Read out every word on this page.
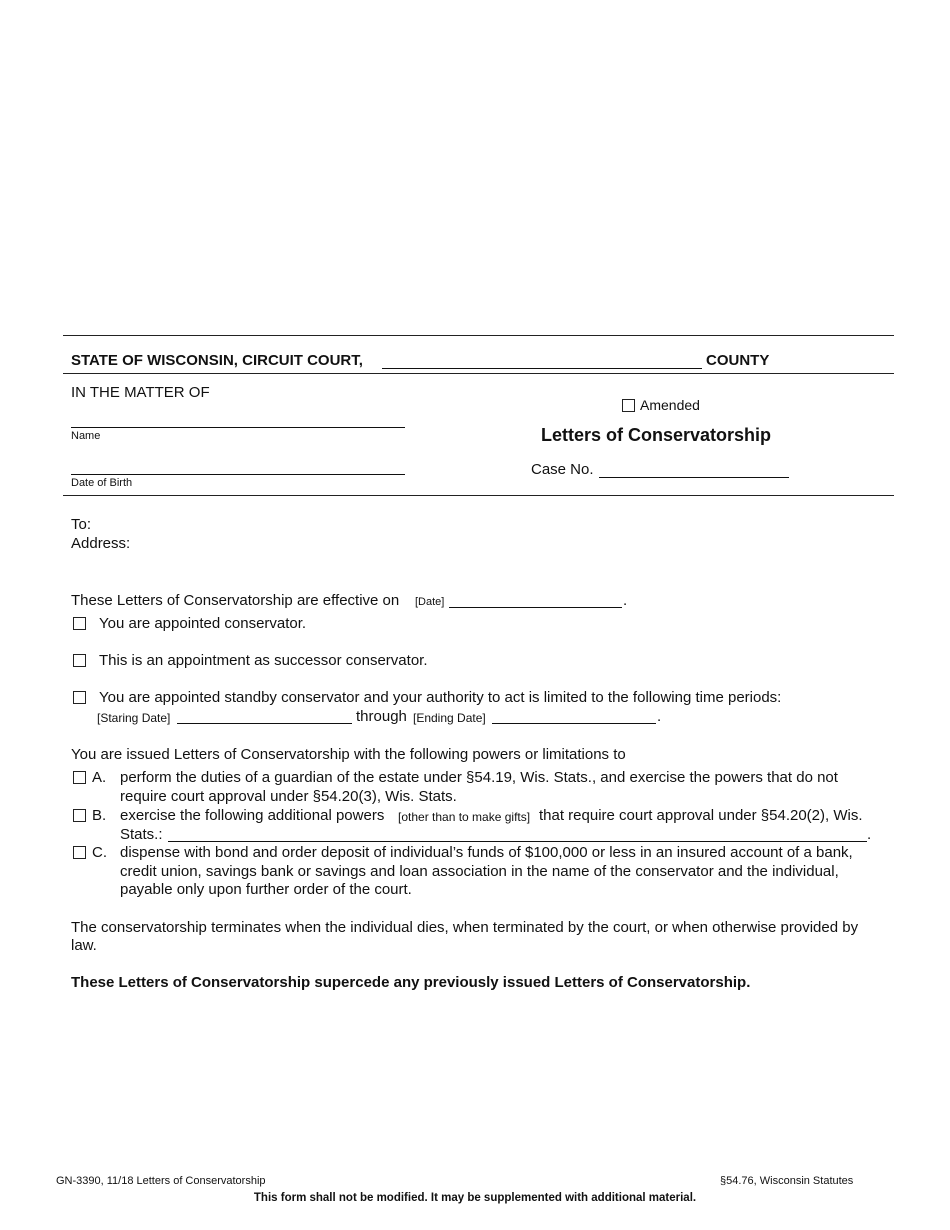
STATE OF WISCONSIN, CIRCUIT COURT,	COUNTY
IN THE MATTER OF
Name
Date of Birth
Amended
Letters of Conservatorship
Case No.
To:
Address:
These Letters of Conservatorship are effective on [Date]	.
You are appointed conservator.
This is an appointment as successor conservator.
You are appointed standby conservator and your authority to act is limited to the following time periods:
[Staring Date]	through [Ending Date]	.
You are issued Letters of Conservatorship with the following powers or limitations to
A. perform the duties of a guardian of the estate under §54.19, Wis. Stats., and exercise the powers that do not
require court approval under §54.20(3), Wis. Stats.
B. exercise the following additional powers [other than to make gifts] that require court approval under §54.20(2), Wis.
Stats.:	.
C. dispense with bond and order deposit of individual’s funds of $100,000 or less in an insured account of a bank,
credit union, savings bank or savings and loan association in the name of the conservator and the individual,
payable only upon further order of the court.
The conservatorship terminates when the individual dies, when terminated by the court, or when otherwise provided by
law.
These Letters of Conservatorship supercede any previously issued Letters of Conservatorship.
GN-3390, 11/18 Letters of Conservatorship	§54.76, Wisconsin Statutes
This form shall not be modified. It may be supplemented with additional material.
